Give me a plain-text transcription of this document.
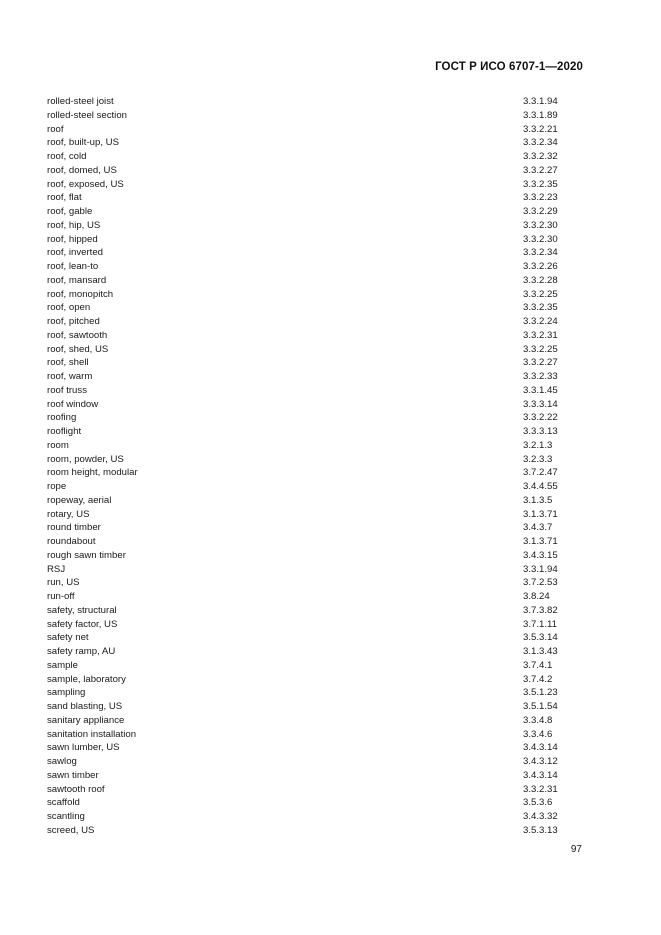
ГОСТ Р ИСО 6707-1—2020
rolled-steel joist	3.3.1.94
rolled-steel section	3.3.1.89
roof	3.3.2.21
roof, built-up, US	3.3.2.34
roof, cold	3.3.2.32
roof, domed, US	3.3.2.27
roof, exposed, US	3.3.2.35
roof, flat	3.3.2.23
roof, gable	3.3.2.29
roof, hip, US	3.3.2.30
roof, hipped	3.3.2.30
roof, inverted	3.3.2.34
roof, lean-to	3.3.2.26
roof, mansard	3.3.2.28
roof, monopitch	3.3.2.25
roof, open	3.3.2.35
roof, pitched	3.3.2.24
roof, sawtooth	3.3.2.31
roof, shed, US	3.3.2.25
roof, shell	3.3.2.27
roof, warm	3.3.2.33
roof truss	3.3.1.45
roof window	3.3.3.14
roofing	3.3.2.22
rooflight	3.3.3.13
room	3.2.1.3
room, powder, US	3.2.3.3
room height, modular	3.7.2.47
rope	3.4.4.55
ropeway, aerial	3.1.3.5
rotary, US	3.1.3.71
round timber	3.4.3.7
roundabout	3.1.3.71
rough sawn timber	3.4.3.15
RSJ	3.3.1.94
run, US	3.7.2.53
run-off	3.8.24
safety, structural	3.7.3.82
safety factor, US	3.7.1.11
safety net	3.5.3.14
safety ramp, AU	3.1.3.43
sample	3.7.4.1
sample, laboratory	3.7.4.2
sampling	3.5.1.23
sand blasting, US	3.5.1.54
sanitary appliance	3.3.4.8
sanitation installation	3.3.4.6
sawn lumber, US	3.4.3.14
sawlog	3.4.3.12
sawn timber	3.4.3.14
sawtooth roof	3.3.2.31
scaffold	3.5.3.6
scantling	3.4.3.32
screed, US	3.5.3.13
97
